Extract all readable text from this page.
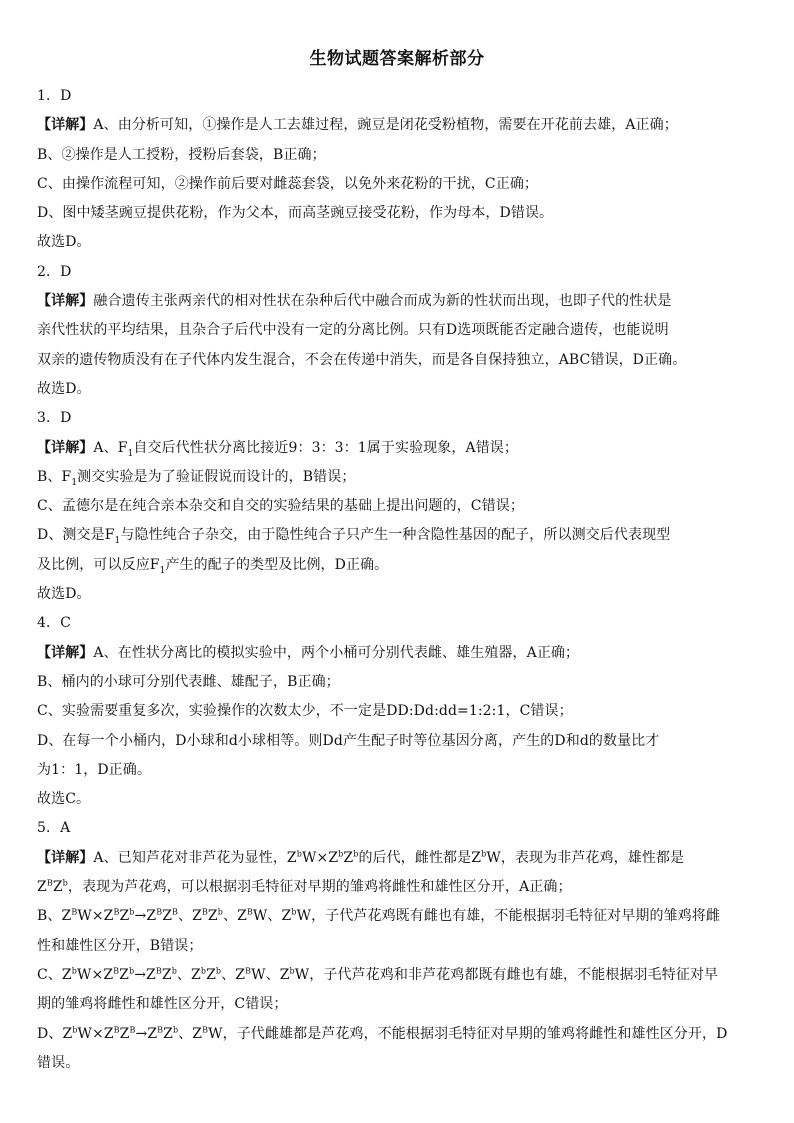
生物试题答案解析部分
1．D
【详解】A、由分析可知，①操作是人工去雄过程，豌豆是闭花受粉植物，需要在开花前去雄，A正确；
B、②操作是人工授粉，授粉后套袋，B正确；
C、由操作流程可知，②操作前后要对雌蕊套袋，以免外来花粉的干扰，C正确；
D、图中矮茎豌豆提供花粉，作为父本，而高茎豌豆接受花粉，作为母本，D错误。
故选D。
2．D
【详解】融合遗传主张两亲代的相对性状在杂种后代中融合而成为新的性状而出现，也即子代的性状是
亲代性状的平均结果，且杂合子后代中没有一定的分离比例。只有D选项既能否定融合遗传，也能说明
双亲的遗传物质没有在子代体内发生混合，不会在传递中消失，而是各自保持独立，ABC错误，D正确。
故选D。
3．D
【详解】A、$F_1$自交后代性状分离比接近9：3：3：1属于实验现象，A错误；
B、$F_1$测交实验是为了验证假说而设计的，B错误；
C、孟德尔是在纯合亲本杂交和自交的实验结果的基础上提出问题的，C错误；
D、测交是$F_1$与隐性纯合子杂交，由于隐性纯合子只产生一种含隐性基因的配子，所以测交后代表现型
及比例，可以反应$F_1$产生的配子的类型及比例，D正确。
故选D。
4．C
【详解】A、在性状分离比的模拟实验中，两个小桶可分别代表雌、雄生殖器，A正确；
B、桶内的小球可分别代表雌、雄配子，B正确；
C、实验需要重复多次，实验操作的次数太少，不一定是DD:Dd:dd=1:2:1，C错误；
D、在每一个小桶内，D小球和d小球相等。则Dd产生配子时等位基因分离，产生的D和d的数量比才
为1：1，D正确。
故选C。
5．A
【详解】A、已知芦花对非芦花为显性，$Z^bW\times Z^bZ^b$的后代，雌性都是$Z^bW$，表现为非芦花鸡，雄性都是
$Z^BZ^b$，表现为芦花鸡，可以根据羽毛特征对早期的雏鸡将雌性和雄性区分开，A正确；
B、$Z^BW\times Z^BZ^b\to Z^BZ^B$、$Z^BZ^b$、$Z^BW$、$Z^bW$，子代芦花鸡既有雌也有雄，不能根据羽毛特征对早期的雏鸡将雌
性和雄性区分开，B错误；
C、$Z^bW\times Z^BZ^b\to Z^BZ^b$、$Z^bZ^b$、$Z^BW$、$Z^bW$，子代芦花鸡和非芦花鸡都既有雌也有雄，不能根据羽毛特征对早
期的雏鸡将雌性和雄性区分开，C错误；
D、$Z^bW\times Z^BZ^B\to Z^BZ^b$、$Z^BW$，子代雌雄都是芦花鸡，不能根据羽毛特征对早期的雏鸡将雌性和雄性区分开，D
错误。
